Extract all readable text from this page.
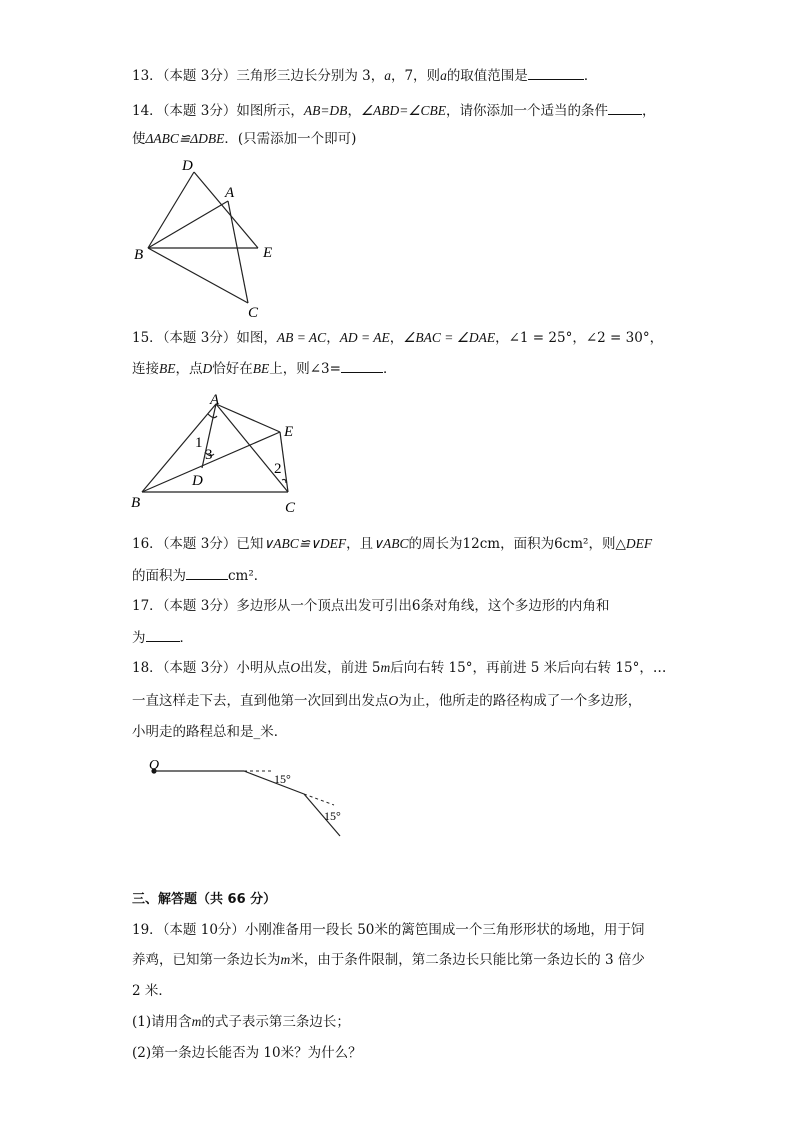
13．（本题 3分）三角形三边长分别为 3，a，7，则a的取值范围是	．
14．（本题 3分）如图所示，AB=DB，∠ABD=∠CBE，请你添加一个适当的条件	，
使ΔABC≌ΔDBE．(只需添加一个即可)
D
A
B	E
C
15．（本题 3分）如图，AB = AC，AD = AE，∠BAC = ∠DAE，∠1 = 25°，∠2 = 30°，
连接BE，点D恰好在BE上，则∠3=	．
A
E
B
D
C
1
2
3
16．（本题 3分）已知∨ABC≌∨DEF，且∨ABC的周长为12cm，面积为6cm²，则△DEF
的面积为	cm²．
17．（本题 3分）多边形从一个顶点出发可引出6条对角线，这个多边形的内角和
为	．
18．（本题 3分）小明从点O出发，前进 5m后向右转 15°，再前进 5 米后向右转 15°，…
一直这样走下去，直到他第一次回到出发点O为止，他所走的路径构成了一个多边形，
小明走的路程总和是_米．
O
15°
15°
三、解答题（共 66 分）
19．（本题 10分）小刚准备用一段长 50米的篱笆围成一个三角形形状的场地，用于饲
养鸡，已知第一条边长为m米，由于条件限制，第二条边长只能比第一条边长的 3 倍少
2 米．
(1)请用含m的式子表示第三条边长；
(2)第一条边长能否为 10米？为什么？
